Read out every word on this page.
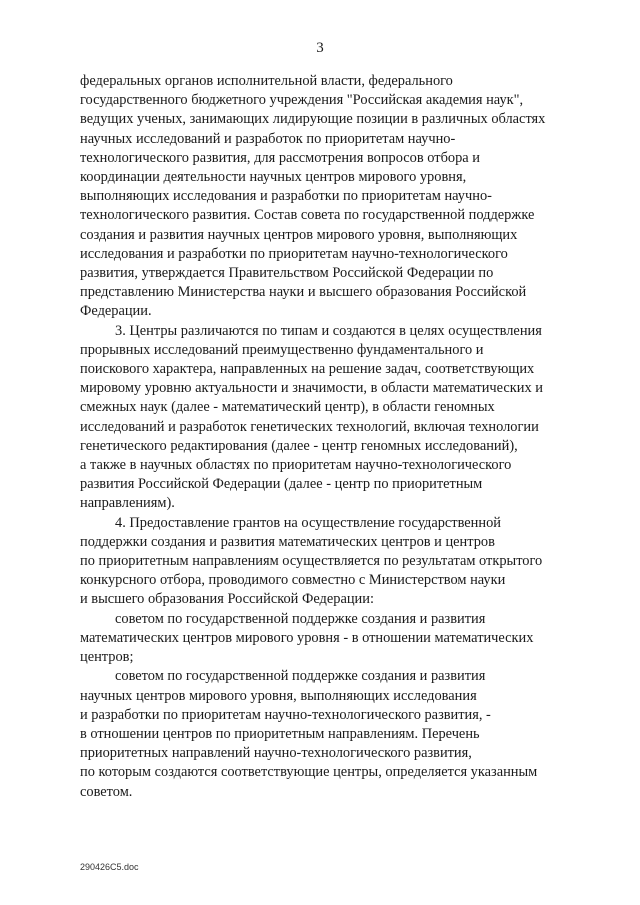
3

федеральных органов исполнительной власти, федерального
государственного бюджетного учреждения "Российская академия наук",
ведущих ученых, занимающих лидирующие позиции в различных областях
научных исследований и разработок по приоритетам научно-
технологического развития, для рассмотрения вопросов отбора и
координации деятельности научных центров мирового уровня,
выполняющих исследования и разработки по приоритетам научно-
технологического развития. Состав совета по государственной поддержке
создания и развития научных центров мирового уровня, выполняющих
исследования и разработки по приоритетам научно-технологического
развития, утверждается Правительством Российской Федерации по
представлению Министерства науки и высшего образования Российской
Федерации.

3. Центры различаются по типам и создаются в целях осуществления
прорывных исследований преимущественно фундаментального и
поискового характера, направленных на решение задач, соответствующих
мировому уровню актуальности и значимости, в области математических и
смежных наук (далее - математический центр), в области геномных
исследований и разработок генетических технологий, включая технологии
генетического редактирования (далее - центр геномных исследований),
а также в научных областях по приоритетам научно-технологического
развития Российской Федерации (далее - центр по приоритетным
направлениям).

4. Предоставление грантов на осуществление государственной
поддержки создания и развития математических центров и центров
по приоритетным направлениям осуществляется по результатам открытого
конкурсного отбора, проводимого совместно с Министерством науки
и высшего образования Российской Федерации:

советом по государственной поддержке создания и развития
математических центров мирового уровня - в отношении математических
центров;

советом по государственной поддержке создания и развития
научных центров мирового уровня, выполняющих исследования
и разработки по приоритетам научно-технологического развития, -
в отношении центров по приоритетным направлениям. Перечень
приоритетных направлений научно-технологического развития,
по которым создаются соответствующие центры, определяется указанным
советом.

290426C5.doc
